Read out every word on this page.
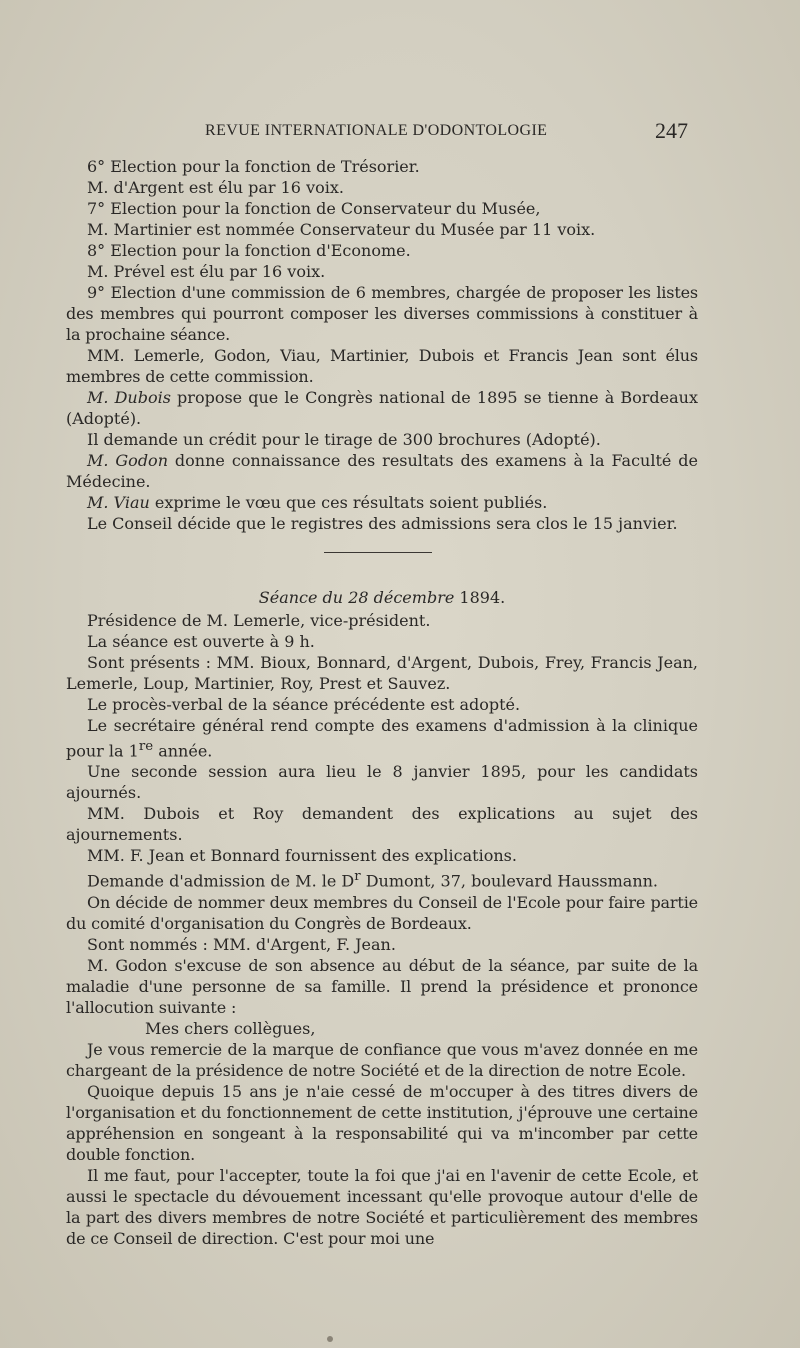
REVUE INTERNATIONALE D'ODONTOLOGIE	247

6° Election pour la fonction de Trésorier.

M. d'Argent est élu par 16 voix.

7° Election pour la fonction de Conservateur du Musée,

M. Martinier est nommée Conservateur du Musée par 11 voix.

8° Election pour la fonction d'Econome.

M. Prével est élu par 16 voix.

9° Election d'une commission de 6 membres, chargée de proposer les listes des membres qui pourront composer les diverses commissions à constituer à la prochaine séance.

MM. Lemerle, Godon, Viau, Martinier, Dubois et Francis Jean sont élus membres de cette commission.

M. Dubois propose que le Congrès national de 1895 se tienne à Bordeaux (Adopté).

Il demande un crédit pour le tirage de 300 brochures (Adopté).

M. Godon donne connaissance des resultats des examens à la Faculté de Médecine.

M. Viau exprime le vœu que ces résultats soient publiés.

Le Conseil décide que le registres des admissions sera clos le 15 janvier.

Séance du 28 décembre 1894.

Présidence de M. Lemerle, vice-président.

La séance est ouverte à 9 h.

Sont présents : MM. Bioux, Bonnard, d'Argent, Dubois, Frey, Francis Jean, Lemerle, Loup, Martinier, Roy, Prest et Sauvez.

Le procès-verbal de la séance précédente est adopté.

Le secrétaire général rend compte des examens d'admission à la clinique pour la 1re année.

Une seconde session aura lieu le 8 janvier 1895, pour les candidats ajournés.

MM. Dubois et Roy demandent des explications au sujet des ajournements.

MM. F. Jean et Bonnard fournissent des explications.

Demande d'admission de M. le $D^r$ Dumont, 37, boulevard Haussmann.

On décide de nommer deux membres du Conseil de l'Ecole pour faire partie du comité d'organisation du Congrès de Bordeaux.

Sont nommés : MM. d'Argent, F. Jean.

M. Godon s'excuse de son absence au début de la séance, par suite de la maladie d'une personne de sa famille. Il prend la présidence et prononce l'allocution suivante :

Mes chers collègues,

Je vous remercie de la marque de confiance que vous m'avez donnée en me chargeant de la présidence de notre Société et de la direction de notre Ecole.

Quoique depuis 15 ans je n'aie cessé de m'occuper à des titres divers de l'organisation et du fonctionnement de cette institution, j'éprouve une certaine appréhension en songeant à la responsabilité qui va m'incomber par cette double fonction.

Il me faut, pour l'accepter, toute la foi que j'ai en l'avenir de cette Ecole, et aussi le spectacle du dévouement incessant qu'elle provoque autour d'elle de la part des divers membres de notre Société et particulièrement des membres de ce Conseil de direction. C'est pour moi une
